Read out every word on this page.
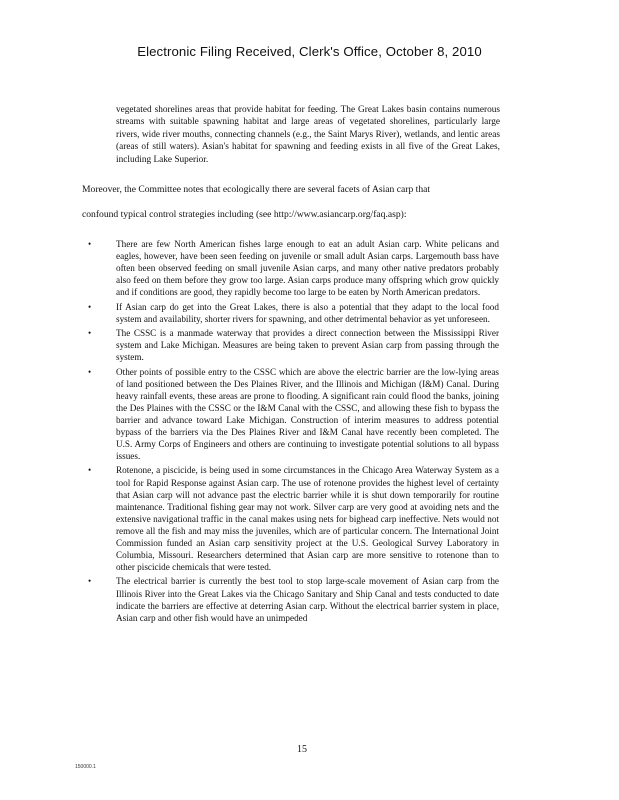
Electronic Filing Received, Clerk's Office, October 8, 2010
vegetated shorelines areas that provide habitat for feeding. The Great Lakes basin contains numerous streams with suitable spawning habitat and large areas of vegetated shorelines, particularly large rivers, wide river mouths, connecting channels (e.g., the Saint Marys River), wetlands, and lentic areas (areas of still waters). Asian's habitat for spawning and feeding exists in all five of the Great Lakes, including Lake Superior.
Moreover, the Committee notes that ecologically there are several facets of Asian carp that
confound typical control strategies including (see http://www.asiancarp.org/faq.asp):
•	There are few North American fishes large enough to eat an adult Asian carp. White pelicans and eagles, however, have been seen feeding on juvenile or small adult Asian carps. Largemouth bass have often been observed feeding on small juvenile Asian carps, and many other native predators probably also feed on them before they grow too large. Asian carps produce many offspring which grow quickly and if conditions are good, they rapidly become too large to be eaten by North American predators.
•	If Asian carp do get into the Great Lakes, there is also a potential that they adapt to the local food system and availability, shorter rivers for spawning, and other detrimental behavior as yet unforeseen.
•	The CSSC is a manmade waterway that provides a direct connection between the Mississippi River system and Lake Michigan. Measures are being taken to prevent Asian carp from passing through the system.
•	Other points of possible entry to the CSSC which are above the electric barrier are the low-lying areas of land positioned between the Des Plaines River, and the Illinois and Michigan (I&M) Canal. During heavy rainfall events, these areas are prone to flooding. A significant rain could flood the banks, joining the Des Plaines with the CSSC or the I&M Canal with the CSSC, and allowing these fish to bypass the barrier and advance toward Lake Michigan. Construction of interim measures to address potential bypass of the barriers via the Des Plaines River and I&M Canal have recently been completed. The U.S. Army Corps of Engineers and others are continuing to investigate potential solutions to all bypass issues.
•	Rotenone, a piscicide, is being used in some circumstances in the Chicago Area Waterway System as a tool for Rapid Response against Asian carp. The use of rotenone provides the highest level of certainty that Asian carp will not advance past the electric barrier while it is shut down temporarily for routine maintenance. Traditional fishing gear may not work. Silver carp are very good at avoiding nets and the extensive navigational traffic in the canal makes using nets for bighead carp ineffective. Nets would not remove all the fish and may miss the juveniles, which are of particular concern. The International Joint Commission funded an Asian carp sensitivity project at the U.S. Geological Survey Laboratory in Columbia, Missouri. Researchers determined that Asian carp are more sensitive to rotenone than to other piscicide chemicals that were tested.
•	The electrical barrier is currently the best tool to stop large-scale movement of Asian carp from the Illinois River into the Great Lakes via the Chicago Sanitary and Ship Canal and tests conducted to date indicate the barriers are effective at deterring Asian carp. Without the electrical barrier system in place, Asian carp and other fish would have an unimpeded
15
150000.1
